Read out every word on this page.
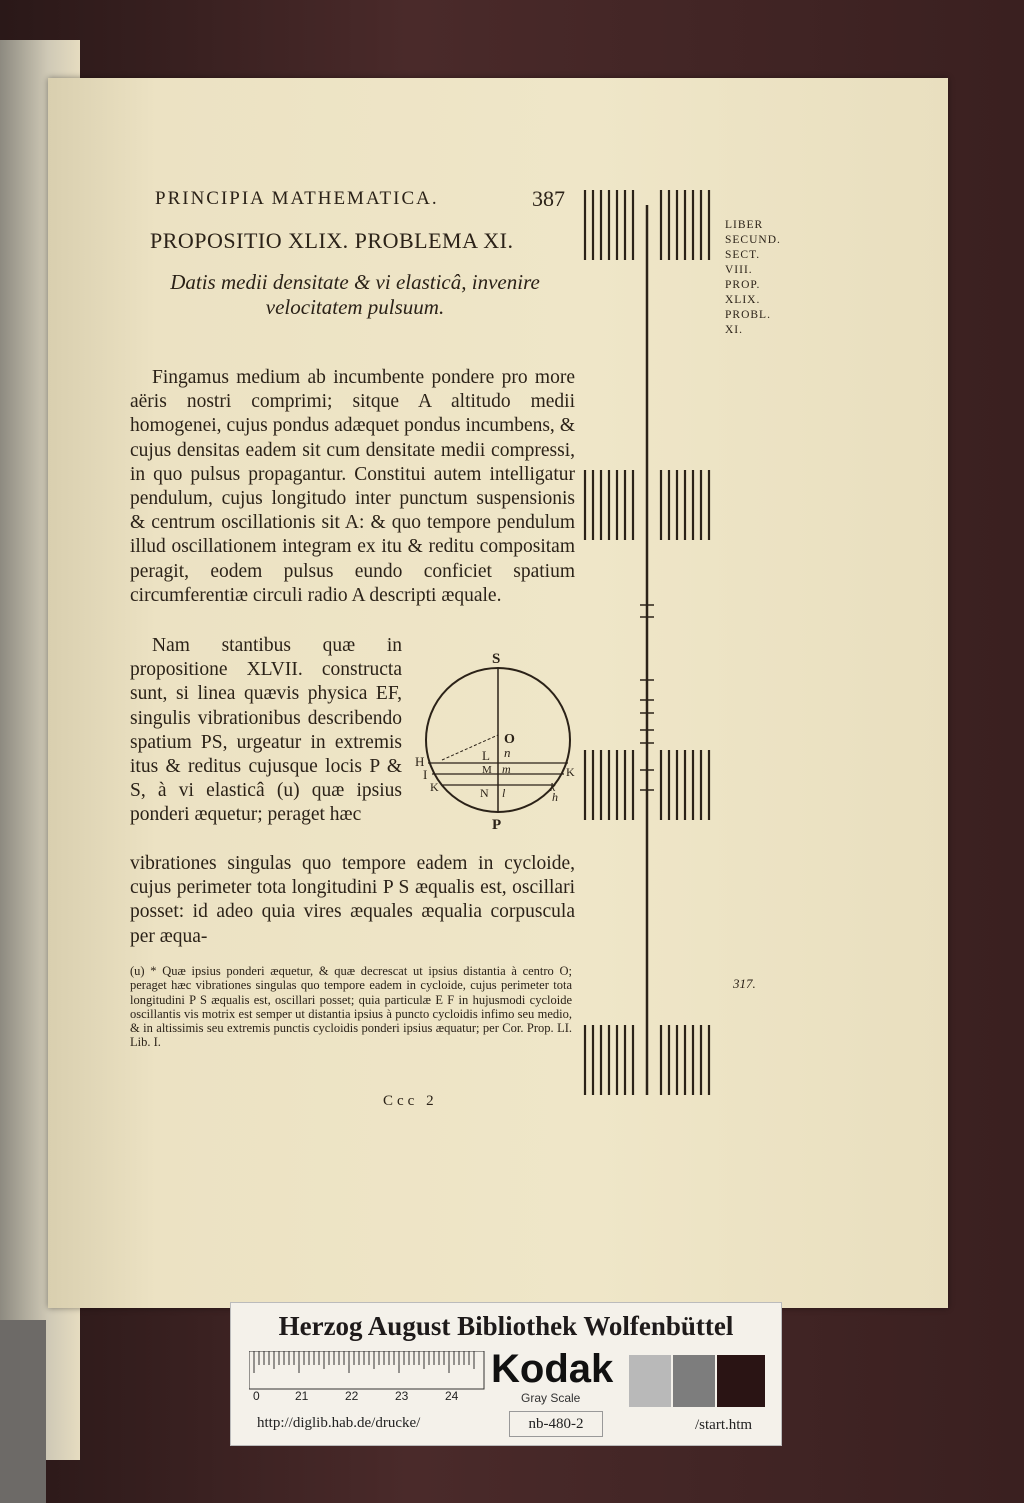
PRINCIPIA MATHEMATICA.	387
PROPOSITIO XLIX. PROBLEMA XI.
Datis medii densitate & vi elasticâ, invenire
velocitatem pulsuum.
Fingamus medium ab incumbente pondere pro more aëris nostri comprimi; sitque A altitudo medii homogenei, cujus pondus adæquet pondus incumbens, & cujus densitas eadem sit cum densitate medii compressi, in quo pulsus propagantur. Constitui autem intelligatur pendulum, cujus longitudo inter punctum suspensionis & centrum oscillationis sit A: & quo tempore pendulum illud oscillationem integram ex itu & reditu compositam peragit, eodem pulsus eundo conficiet spatium circumferentiæ circuli radio A descripti æquale.
Nam stantibus quæ in propositione XLVII. constructa sunt, si linea quævis physica EF, singulis vibrationibus describendo spatium PS, urgeatur in extremis itus & reditus cujusque locis P & S, à vi elasticâ (u) quæ ipsius ponderi æquetur; peraget hæc
vibrationes singulas quo tempore eadem in cycloide, cujus perimeter tota longitudini P S æqualis est, oscillari posset: id adeo quia vires æquales æqualia corpuscula per æqua-
(u) * Quæ ipsius ponderi æquetur, & quæ decrescat ut ipsius distantia à centro O; peraget hæc vibrationes singulas quo tempore eadem in cycloide, cujus perimeter tota longitudini P S æqualis est, oscillari posset; quia particulæ E F in hujusmodi cycloide oscillantis vis motrix est semper ut distantia ipsius à puncto cycloidis infimo seu medio, & in altissimis seu extremis punctis cycloidis ponderi ipsius æquatur; per Cor. Prop. LI. Lib. I.
Ccc 2
LIBER
SECUND.
SECT.
VIII.
PROP.
XLIX.
PROBL.
XI.
317.
S
O
n
L
H
I	M m	K
K	N l	k
h
P
Herzog August Bibliothek Wolfenbüttel
0	21	22	23	24
Kodak
Gray Scale
http://diglib.hab.de/drucke/	nb-480-2	/start.htm
